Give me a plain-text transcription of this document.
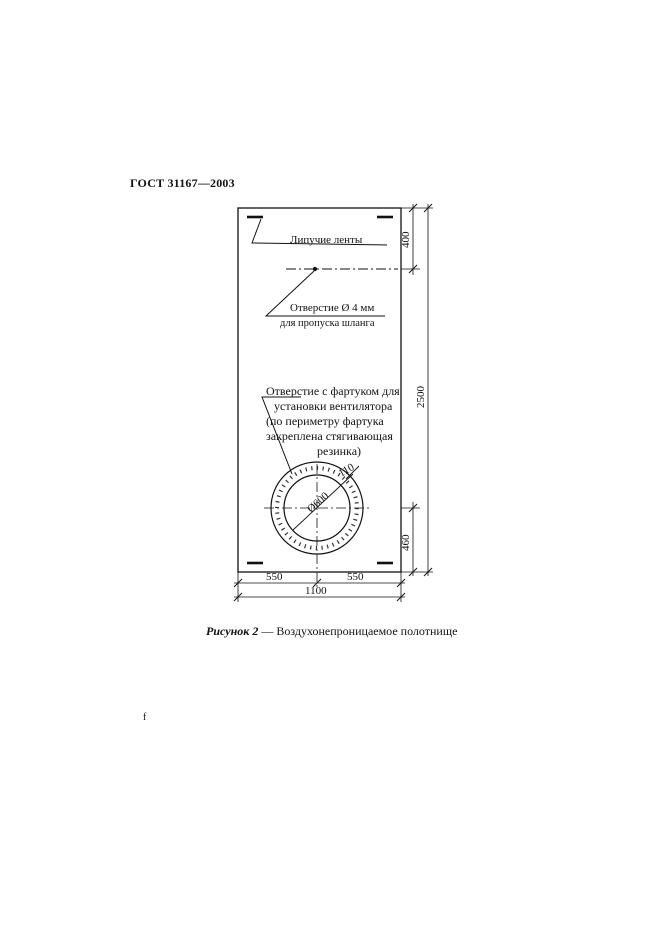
ГОСТ 31167—2003
Липучие ленты
Отверстие Ø 4 мм
для пропуска шланга
Отверстие с фартуком для
установки вентилятора
(по периметру фартука
закреплена стягивающая
резинка)
400
2500
460
550	550
1100
Ø600
110
Рисунок 2 — Воздухонепроницаемое полотнище
f
